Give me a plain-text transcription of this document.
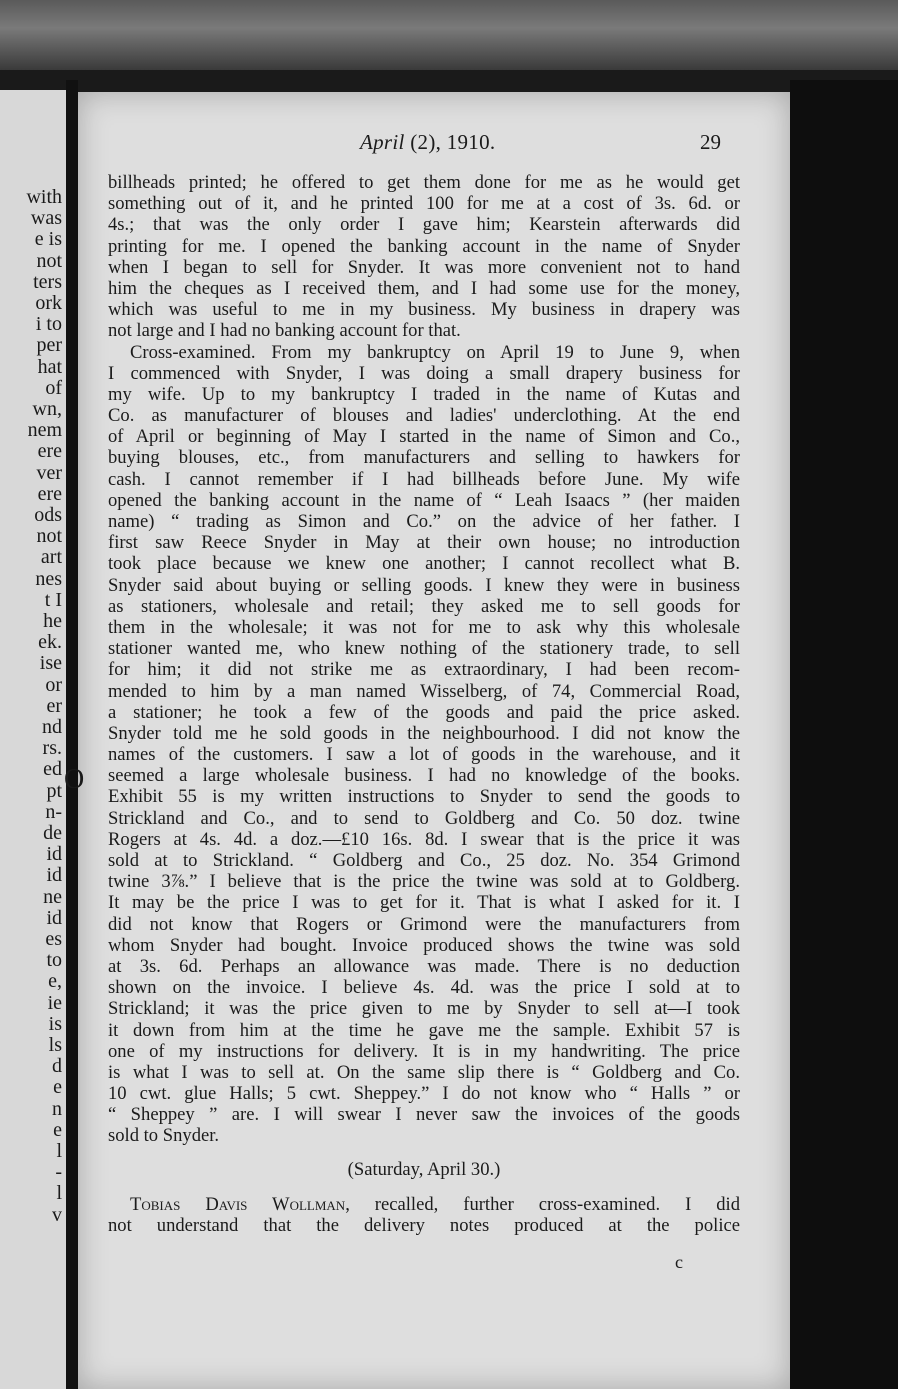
with
was
e is
not
ters
ork
i to
per
hat
of
wn,
nem
ere
ver
ere
ods
not
art
nes
t I
he
ek.
ise
or
er
nd
rs.
ed
pt
n-
de
id
id
ne
id
es
to
e,
ie
is
ls
d
e
n
e
l
-
l
v
April (2), 1910.	29
billheads printed; he offered to get them done for me as he would get
something out of it, and he printed 100 for me at a cost of 3s. 6d. or
4s.; that was the only order I gave him; Kearstein afterwards did
printing for me. I opened the banking account in the name of Snyder
when I began to sell for Snyder. It was more convenient not to hand
him the cheques as I received them, and I had some use for the money,
which was useful to me in my business. My business in drapery was
not large and I had no banking account for that.
Cross-examined. From my bankruptcy on April 19 to June 9, when
I commenced with Snyder, I was doing a small drapery business for
my wife. Up to my bankruptcy I traded in the name of Kutas and
Co. as manufacturer of blouses and ladies' underclothing. At the end
of April or beginning of May I started in the name of Simon and Co.,
buying blouses, etc., from manufacturers and selling to hawkers for
cash. I cannot remember if I had billheads before June. My wife
opened the banking account in the name of “ Leah Isaacs ” (her maiden
name) “ trading as Simon and Co.” on the advice of her father. I
first saw Reece Snyder in May at their own house; no introduction
took place because we knew one another; I cannot recollect what B.
Snyder said about buying or selling goods. I knew they were in business
as stationers, wholesale and retail; they asked me to sell goods for
them in the wholesale; it was not for me to ask why this wholesale
stationer wanted me, who knew nothing of the stationery trade, to sell
for him; it did not strike me as extraordinary, I had been recom-
mended to him by a man named Wisselberg, of 74, Commercial Road,
a stationer; he took a few of the goods and paid the price asked.
Snyder told me he sold goods in the neighbourhood. I did not know the
names of the customers. I saw a lot of goods in the warehouse, and it
seemed a large wholesale business. I had no knowledge of the books.
Exhibit 55 is my written instructions to Snyder to send the goods to
Strickland and Co., and to send to Goldberg and Co. 50 doz. twine
Rogers at 4s. 4d. a doz.—£10 16s. 8d. I swear that is the price it was
sold at to Strickland. “ Goldberg and Co., 25 doz. No. 354 Grimond
twine 3⅞.” I believe that is the price the twine was sold at to Goldberg.
It may be the price I was to get for it. That is what I asked for it. I
did not know that Rogers or Grimond were the manufacturers from
whom Snyder had bought. Invoice produced shows the twine was sold
at 3s. 6d. Perhaps an allowance was made. There is no deduction
shown on the invoice. I believe 4s. 4d. was the price I sold at to
Strickland; it was the price given to me by Snyder to sell at—I took
it down from him at the time he gave me the sample. Exhibit 57 is
one of my instructions for delivery. It is in my handwriting. The price
is what I was to sell at. On the same slip there is “ Goldberg and Co.
10 cwt. glue Halls; 5 cwt. Sheppey.” I do not know who “ Halls ” or
“ Sheppey ” are. I will swear I never saw the invoices of the goods
sold to Snyder.
(Saturday, April 30.)
Tobias Davis Wollman, recalled, further cross-examined. I did
not understand that the delivery notes produced at the police
c
O
